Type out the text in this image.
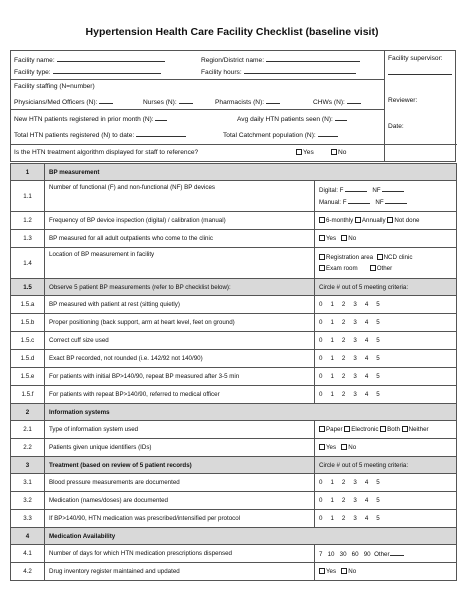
Hypertension Health Care Facility Checklist (baseline visit)
Facility name:
Facility type:
Region/District name:
Facility hours:
Facility supervisor:
Facility staffing (N=number)
Physicians/Med Officers (N):	Nurses (N):	Pharmacists (N):	CHWs (N):	Reviewer:
New HTN patients registered in prior month (N):	Avg daily HTN patients seen (N):
Total HTN patients registered (N) to date:	Total Catchment population (N):
Date:
Is the HTN treatment algorithm displayed for staff to reference?	Yes	No
1	BP measurement	
1.1	Number of functional (F) and non-functional (NF) BP devices	Digital: F NF
Manual: F NF

1.2	Frequency of BP device inspection (digital) / calibration (manual)	6-monthly Annually Not done
1.3	BP measured for all adult outpatients who come to the clinic	Yes No
1.4	Location of BP measurement in facility	Registration area NCD clinic
Exam room Other

1.5	Observe 5 patient BP measurements (refer to BP checklist below):	Circle # out of 5 meeting criteria:
1.5.a	BP measured with patient at rest (sitting quietly)	0 1 2 3 4 5
1.5.b	Proper positioning (back support, arm at heart level, feet on ground)	0 1 2 3 4 5
1.5.c	Correct cuff size used	0 1 2 3 4 5
1.5.d	Exact BP recorded, not rounded (i.e. 142/92 not 140/90)	0 1 2 3 4 5
1.5.e	For patients with initial BP>140/90, repeat BP measured after 3-5 min	0 1 2 3 4 5
1.5.f	For patients with repeat BP>140/90, referred to medical officer	0 1 2 3 4 5
2	Information systems	
2.1	Type of information system used	Paper Electronic Both Neither
2.2	Patients given unique identifiers (IDs)	Yes No
3	Treatment (based on review of 5 patient records)	Circle # out of 5 meeting criteria:
3.1	Blood pressure measurements are documented	0 1 2 3 4 5
3.2	Medication (names/doses) are documented	0 1 2 3 4 5
3.3	If BP>140/90, HTN medication was prescribed/intensified per protocol	0 1 2 3 4 5
4	Medication Availability	
4.1	Number of days for which HTN medication prescriptions dispensed	7   10   30   60   90 Other
4.2	Drug inventory register maintained and updated	Yes No
